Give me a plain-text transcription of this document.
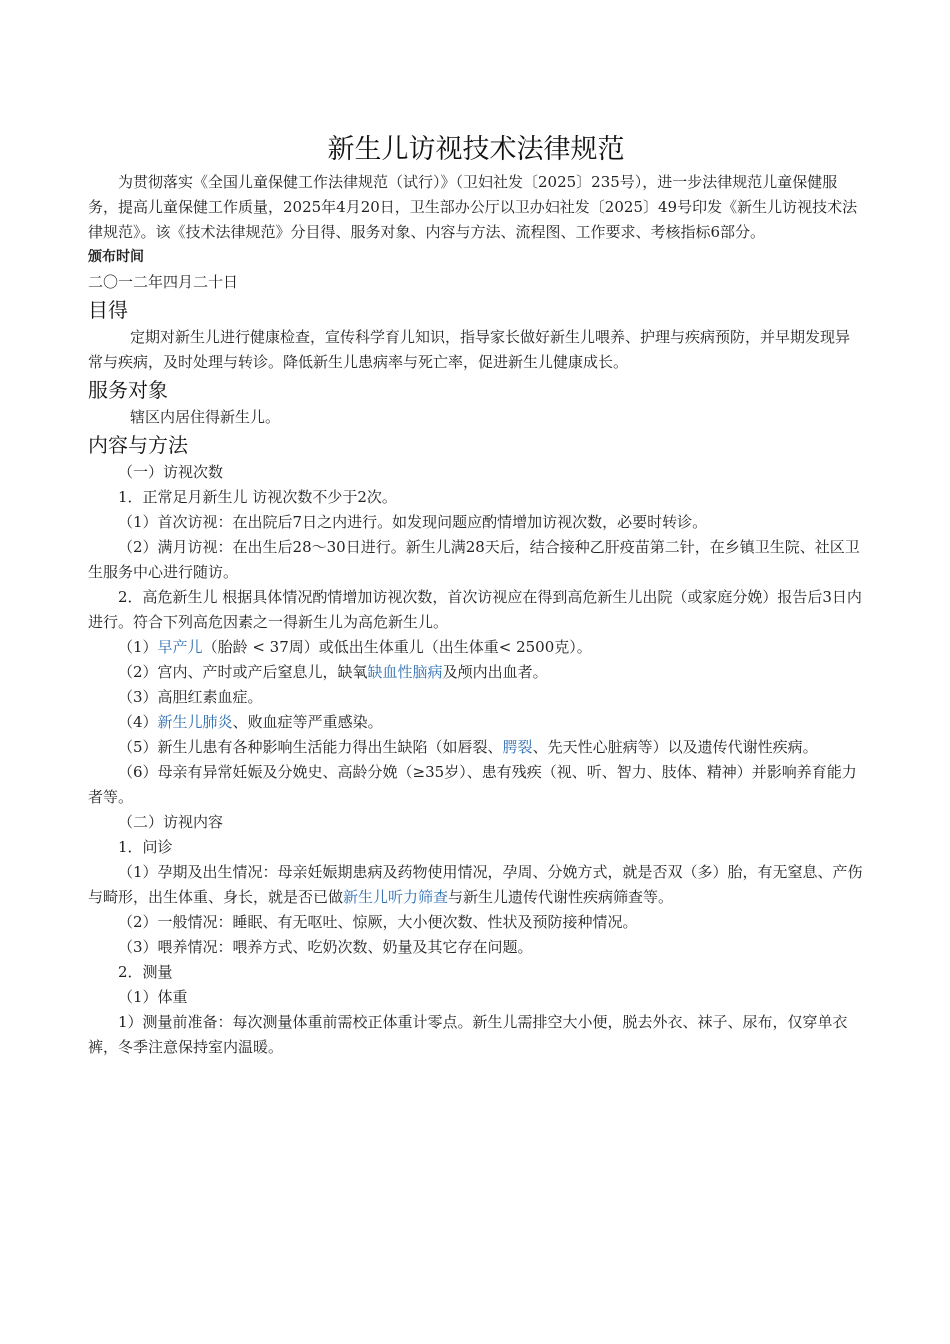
新生儿访视技术法律规范

为贯彻落实《全国儿童保健工作法律规范（试行）》（卫妇社发〔2025〕235号），进一步法律规范儿童保健服务，提高儿童保健工作质量，2025年4月20日，卫生部办公厅以卫办妇社发〔2025〕49号印发《新生儿访视技术法律规范》。该《技术法律规范》分目得、服务对象、内容与方法、流程图、工作要求、考核指标6部分。

颁布时间

二〇一二年四月二十日

目得

定期对新生儿进行健康检查，宣传科学育儿知识，指导家长做好新生儿喂养、护理与疾病预防，并早期发现异常与疾病，及时处理与转诊。降低新生儿患病率与死亡率，促进新生儿健康成长。

服务对象

辖区内居住得新生儿。

内容与方法

（一）访视次数

1．正常足月新生儿 访视次数不少于2次。

（1）首次访视：在出院后7日之内进行。如发现问题应酌情增加访视次数，必要时转诊。

（2）满月访视：在出生后28～30日进行。新生儿满28天后，结合接种乙肝疫苗第二针，在乡镇卫生院、社区卫生服务中心进行随访。

2．高危新生儿 根据具体情况酌情增加访视次数，首次访视应在得到高危新生儿出院（或家庭分娩）报告后3日内进行。符合下列高危因素之一得新生儿为高危新生儿。

（1）早产儿（胎龄 < 37周）或低出生体重儿（出生体重< 2500克）。

（2）宫内、产时或产后窒息儿，缺氧缺血性脑病及颅内出血者。

（3）高胆红素血症。

（4）新生儿肺炎、败血症等严重感染。

（5）新生儿患有各种影响生活能力得出生缺陷（如唇裂、腭裂、先天性心脏病等）以及遗传代谢性疾病。

（6）母亲有异常妊娠及分娩史、高龄分娩（≥35岁）、患有残疾（视、听、智力、肢体、精神）并影响养育能力者等。

（二）访视内容

1．问诊

（1）孕期及出生情况：母亲妊娠期患病及药物使用情况，孕周、分娩方式，就是否双（多）胎，有无窒息、产伤与畸形，出生体重、身长，就是否已做新生儿听力筛查与新生儿遗传代谢性疾病筛查等。

（2）一般情况：睡眠、有无呕吐、惊厥，大小便次数、性状及预防接种情况。

（3）喂养情况：喂养方式、吃奶次数、奶量及其它存在问题。

2．测量

（1）体重

1）测量前准备：每次测量体重前需校正体重计零点。新生儿需排空大小便，脱去外衣、袜子、尿布，仅穿单衣裤，冬季注意保持室内温暖。
